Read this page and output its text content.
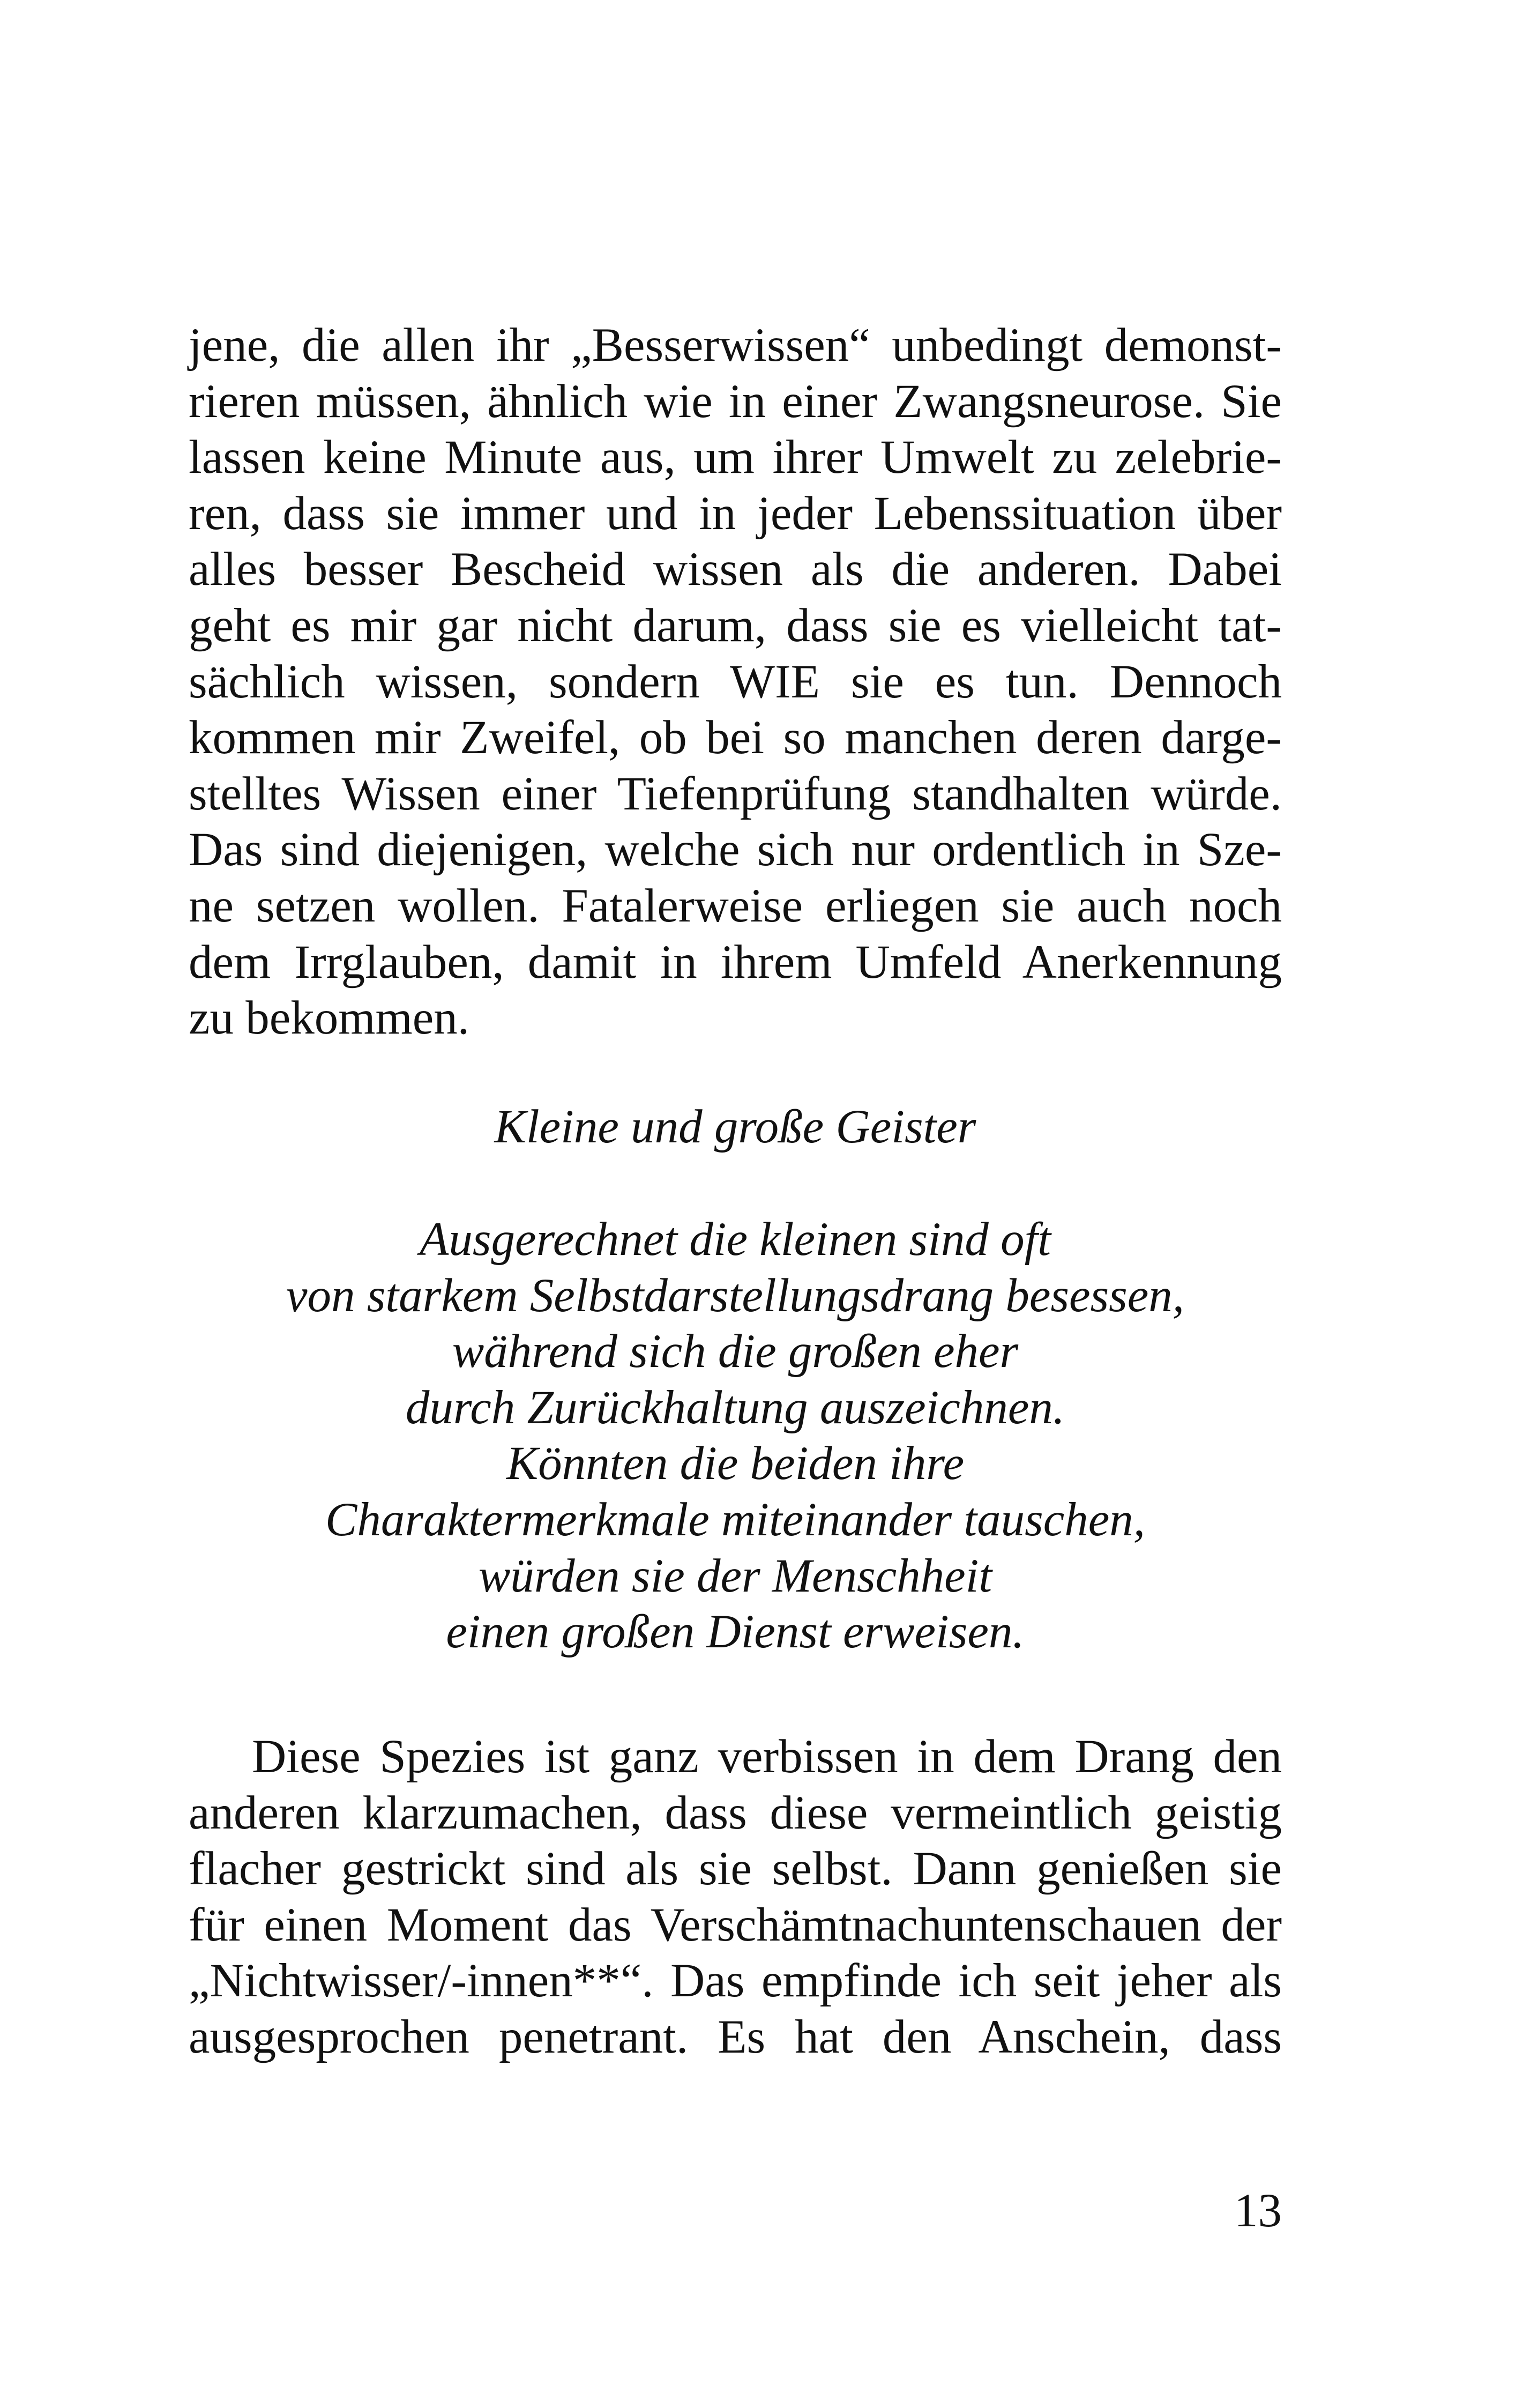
jene, die allen ihr „Besserwissen“ unbedingt demonst-
rieren müssen, ähnlich wie in einer Zwangsneurose. Sie
lassen keine Minute aus, um ihrer Umwelt zu zelebrie-
ren, dass sie immer und in jeder Lebenssituation über
alles besser Bescheid wissen als die anderen. Dabei
geht es mir gar nicht darum, dass sie es vielleicht tat-
sächlich wissen, sondern WIE sie es tun. Dennoch
kommen mir Zweifel, ob bei so manchen deren darge-
stelltes Wissen einer Tiefenprüfung standhalten würde.
Das sind diejenigen, welche sich nur ordentlich in Sze-
ne setzen wollen. Fatalerweise erliegen sie auch noch
dem Irrglauben, damit in ihrem Umfeld Anerkennung
zu bekommen.
Kleine und große Geister
Ausgerechnet die kleinen sind oft
von starkem Selbstdarstellungsdrang besessen,
während sich die großen eher
durch Zurückhaltung auszeichnen.
Könnten die beiden ihre
Charaktermerkmale miteinander tauschen,
würden sie der Menschheit
einen großen Dienst erweisen.
Diese Spezies ist ganz verbissen in dem Drang den
anderen klarzumachen, dass diese vermeintlich geistig
flacher gestrickt sind als sie selbst. Dann genießen sie
für einen Moment das Verschämtnachuntenschauen der
„Nichtwisser/-innen**“. Das empfinde ich seit jeher als
ausgesprochen penetrant. Es hat den Anschein, dass
13
